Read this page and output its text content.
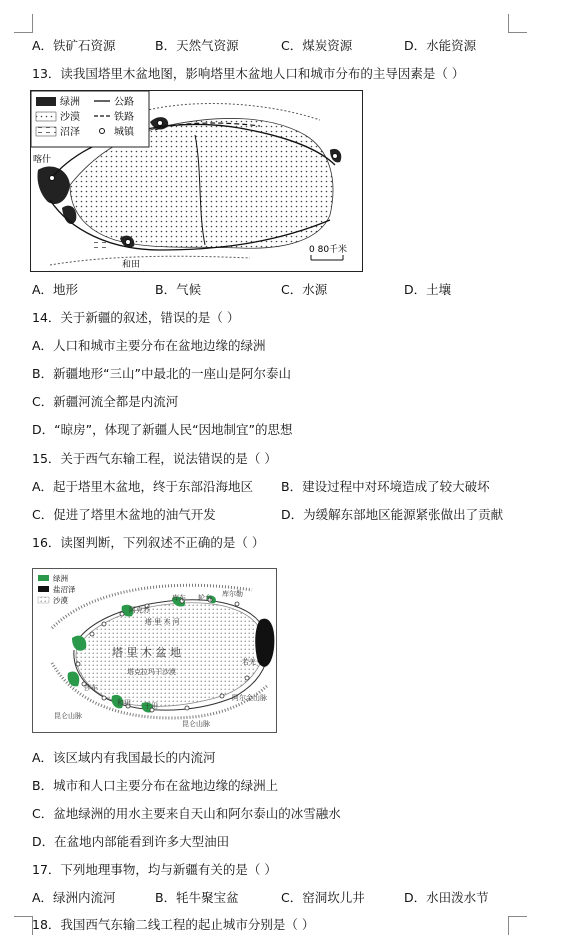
A．铁矿石资源	B．天然气资源	C．煤炭资源	D．水能资源
13．读我国塔里木盆地图，影响塔里木盆地人口和城市分布的主导因素是（ ）
绿洲	公路
沙漠	铁路
沼泽	城镇
喀什
和田
0 80千米
A．地形	B．气候	C．水源	D．土壤
14．关于新疆的叙述，错误的是（ ）
A．人口和城市主要分布在盆地边缘的绿洲
B．新疆地形“三山”中最北的一座山是阿尔泰山
C．新疆河流全都是内流河
D．“晾房”，体现了新疆人民“因地制宜”的思想
15．关于西气东输工程，说法错误的是（ ）
A．起于塔里木盆地，终于东部沿海地区 B．建设过程中对环境造成了较大破坏
C．促进了塔里木盆地的油气开发	D．为缓解东部地区能源紧张做出了贡献
16．读图判断，下列叙述不正确的是（ ）
绿洲
盐沼泽
沙漠
塔 里 木 盆 地
塔克拉玛干沙漠
塔 里 木 河
阿克苏
库车 轮台 库尔勒
若羌
莎车
和田 于田
昆仑山脉
昆仑山脉
阿尔金山脉
A．该区域内有我国最长的内流河
B．城市和人口主要分布在盆地边缘的绿洲上
C．盆地绿洲的用水主要来自天山和阿尔泰山的冰雪融水
D．在盆地内部能看到许多大型油田
17．下列地理事物，均与新疆有关的是（ ）
A．绿洲内流河	B．牦牛聚宝盆	C．窑洞坎儿井	D．水田泼水节
18．我国西气东输二线工程的起止城市分别是（ ）
